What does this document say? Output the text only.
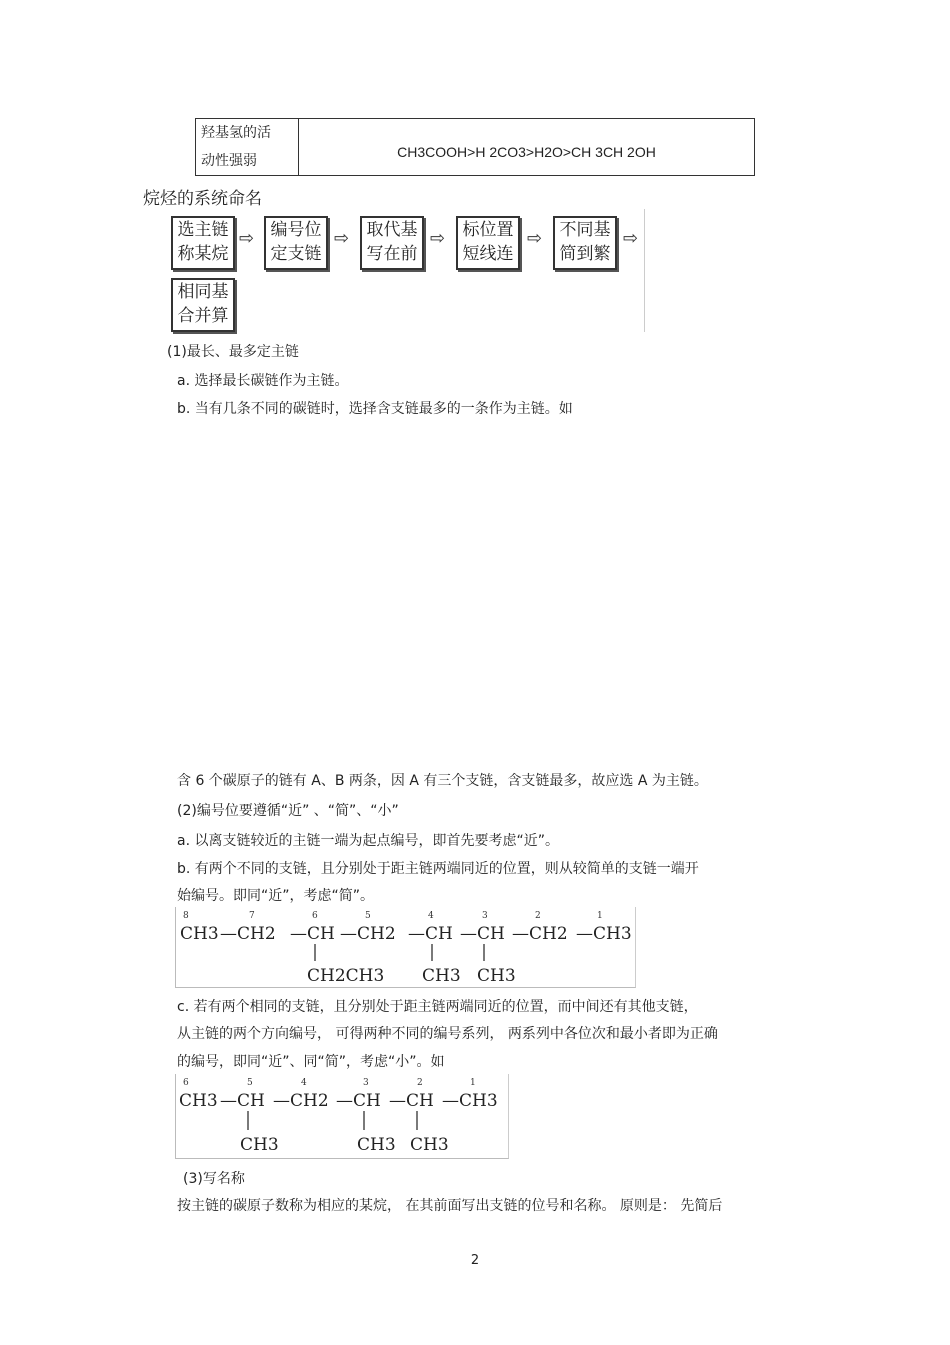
羟基氢的活
动性强弱
CH3COOH>H 2CO3>H2O>CH 3CH 2OH
烷烃的系统命名
选主链
称某烷
⇨ 编号位
定支链
⇨ 取代基
写在前
⇨ 标位置
短线连
⇨ 不同基
简到繁
⇨
相同基
合并算
(1)最长、最多定主链
a. 选择最长碳链作为主链。
b. 当有几条不同的碳链时，选择含支链最多的一条作为主链。如
含 6 个碳原子的链有 A、B 两条，因 A 有三个支链，含支链最多，故应选 A 为主链。
(2)编号位要遵循“近” 、“简”、“小”
a. 以离支链较近的主链一端为起点编号，即首先要考虑“近”。
b. 有两个不同的支链，且分别处于距主链两端同近的位置，则从较简单的支链一端开
始编号。即同“近”，考虑“简”。
8	7	6	5	4	3	2	1
CH3 —CH2 —CH —CH2 —CH —CH —CH2 —CH3
CH2CH3 CH3 CH3
c. 若有两个相同的支链，且分别处于距主链两端同近的位置，而中间还有其他支链，
从主链的两个方向编号， 可得两种不同的编号系列， 两系列中各位次和最小者即为正确
的编号，即同“近”、同“简”，考虑“小”。如
6	5	4	3	2	1
CH3 —CH —CH2 —CH —CH —CH3
CH3	CH3 CH3
(3)写名称
按主链的碳原子数称为相应的某烷， 在其前面写出支链的位号和名称。 原则是： 先简后
2
